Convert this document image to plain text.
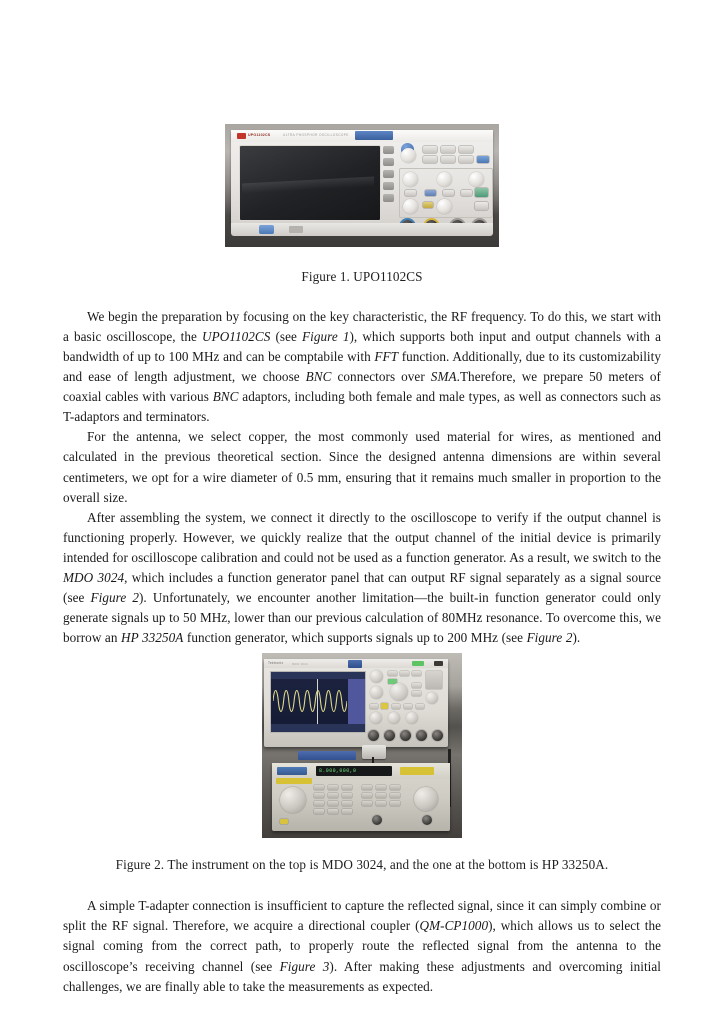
UPO1102CS	ULTRA PHOSPHOR OSCILLOSCOPE
Figure 1. UPO1102CS

We begin the preparation by focusing on the key characteristic, the RF frequency. To do this, we start with a basic oscilloscope, the UPO1102CS (see Figure 1), which supports both input and output channels with a bandwidth of up to 100 MHz and can be comptabile with FFT function. Additionally, due to its customizability and ease of length adjustment, we choose BNC connectors over SMA.Therefore, we prepare 50 meters of coaxial cables with various BNC adaptors, including both female and male types, as well as connectors such as T-adaptors and terminators.

For the antenna, we select copper, the most commonly used material for wires, as mentioned and calculated in the previous theoretical section. Since the designed antenna dimensions are within several centimeters, we opt for a wire diameter of 0.5 mm, ensuring that it remains much smaller in proportion to the overall size.

After assembling the system, we connect it directly to the oscilloscope to verify if the output channel is functioning properly. However, we quickly realize that the output channel of the initial device is primarily intended for oscilloscope calibration and could not be used as a function generator. As a result, we switch to the MDO 3024, which includes a function generator panel that can output RF signal separately as a signal source (see Figure 2). Unfortunately, we encounter another limitation—the built-in function generator could only generate signals up to 50 MHz, lower than our previous calculation of 80MHz resonance. To overcome this, we borrow an HP 33250A function generator, which supports signals up to 200 MHz (see Figure 2).

Tektronix	MDO 3024
8.000,000,0
Figure 2. The instrument on the top is MDO 3024, and the one at the bottom is HP 33250A.

A simple T-adapter connection is insufficient to capture the reflected signal, since it can simply combine or split the RF signal. Therefore, we acquire a directional coupler (QM-CP1000), which allows us to select the signal coming from the correct path, to properly route the reflected signal from the antenna to the oscilloscope’s receiving channel (see Figure 3). After making these adjustments and overcoming initial challenges, we are finally able to take the measurements as expected.
